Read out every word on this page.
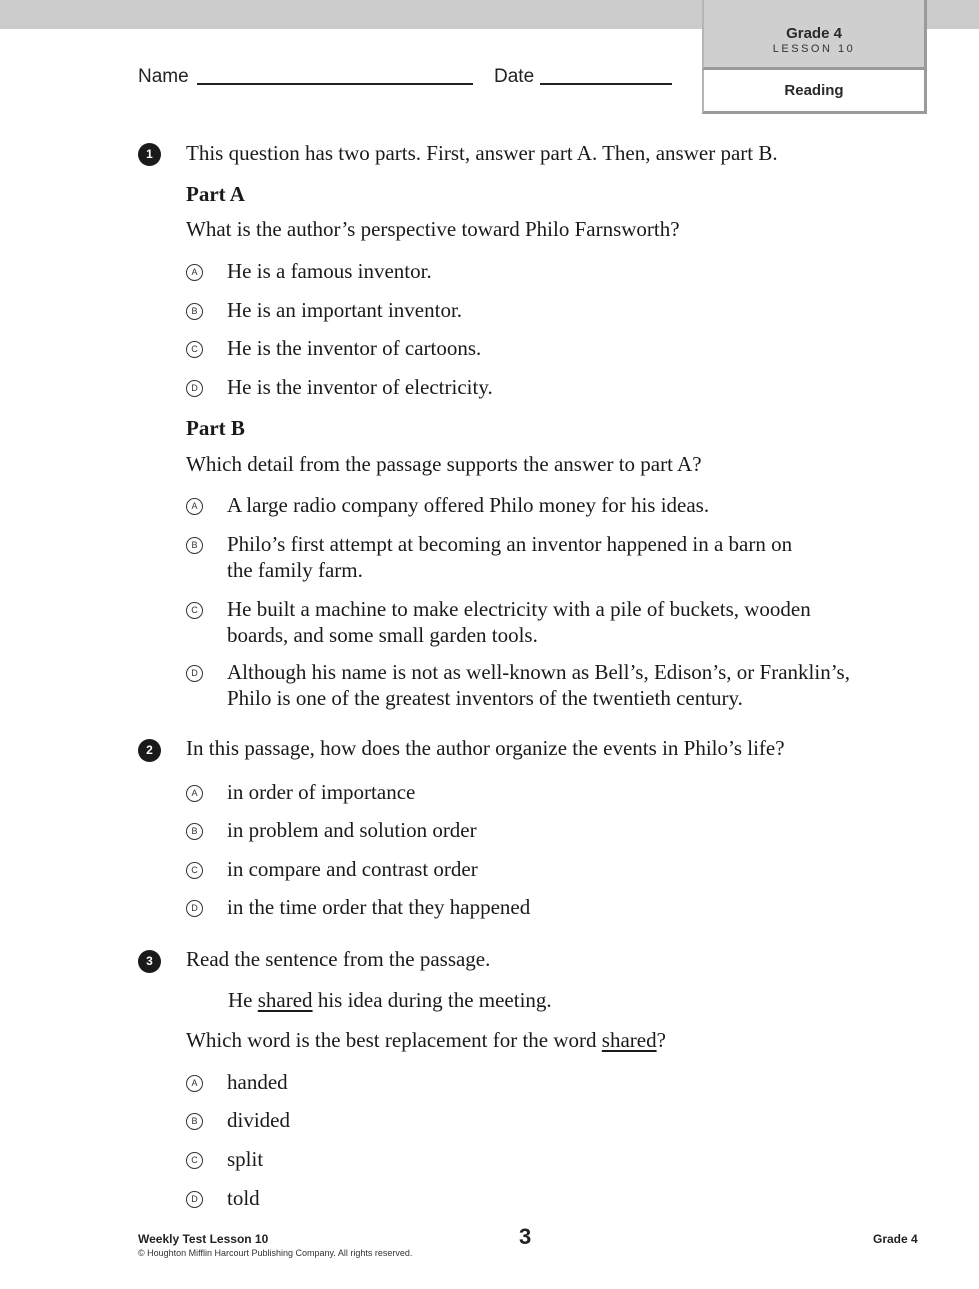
Grade 4
LESSON 10
Reading
Name	Date
1	This question has two parts. First, answer part A. Then, answer part B.
Part A
What is the author’s perspective toward Philo Farnsworth?
A He is a famous inventor.
B He is an important inventor.
C He is the inventor of cartoons.
D He is the inventor of electricity.
Part B
Which detail from the passage supports the answer to part A?
A A large radio company offered Philo money for his ideas.
B Philo’s first attempt at becoming an inventor happened in a barn on
the family farm.
C He built a machine to make electricity with a pile of buckets, wooden
boards, and some small garden tools.
D Although his name is not as well-known as Bell’s, Edison’s, or Franklin’s,
Philo is one of the greatest inventors of the twentieth century.
2	In this passage, how does the author organize the events in Philo’s life?
A in order of importance
B in problem and solution order
C in compare and contrast order
D in the time order that they happened
3	Read the sentence from the passage.
He shared his idea during the meeting.
Which word is the best replacement for the word shared?
A handed
B divided
C split
D told
Weekly Test Lesson 10
© Houghton Mifflin Harcourt Publishing Company. All rights reserved.
3	Grade 4
